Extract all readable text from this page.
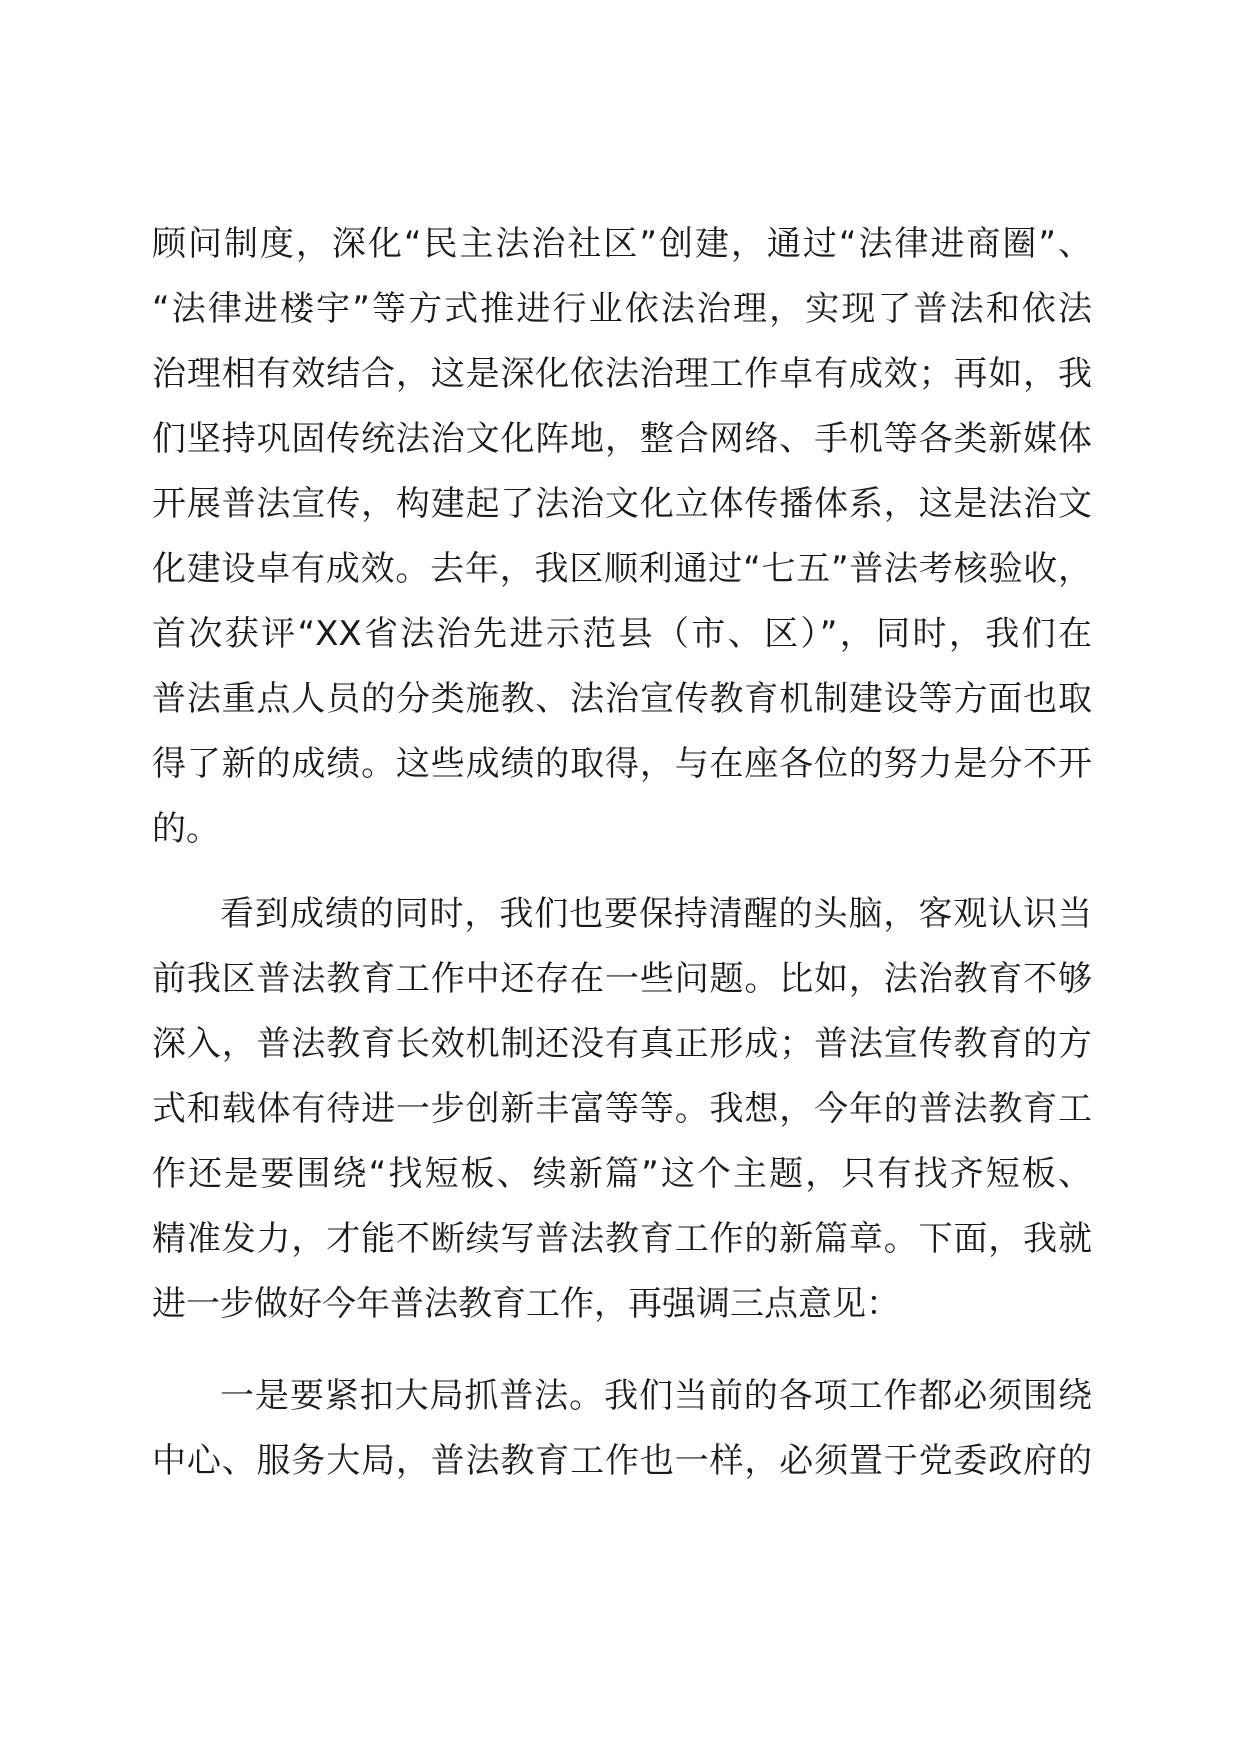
顾问制度，深化“民主法治社区”创建，通过“法律进商圈”、
“法律进楼宇”等方式推进行业依法治理，实现了普法和依法
治理相有效结合，这是深化依法治理工作卓有成效；再如，我
们坚持巩固传统法治文化阵地，整合网络、手机等各类新媒体
开展普法宣传，构建起了法治文化立体传播体系，这是法治文
化建设卓有成效。去年，我区顺利通过“七五”普法考核验收，
首次获评“XX省法治先进示范县（市、区）”，同时，我们在
普法重点人员的分类施教、法治宣传教育机制建设等方面也取
得了新的成绩。这些成绩的取得，与在座各位的努力是分不开
的。
看到成绩的同时，我们也要保持清醒的头脑，客观认识当
前我区普法教育工作中还存在一些问题。比如，法治教育不够
深入，普法教育长效机制还没有真正形成；普法宣传教育的方
式和载体有待进一步创新丰富等等。我想，今年的普法教育工
作还是要围绕“找短板、续新篇”这个主题，只有找齐短板、
精准发力，才能不断续写普法教育工作的新篇章。下面，我就
进一步做好今年普法教育工作，再强调三点意见：
一是要紧扣大局抓普法。我们当前的各项工作都必须围绕
中心、服务大局，普法教育工作也一样，必须置于党委政府的
